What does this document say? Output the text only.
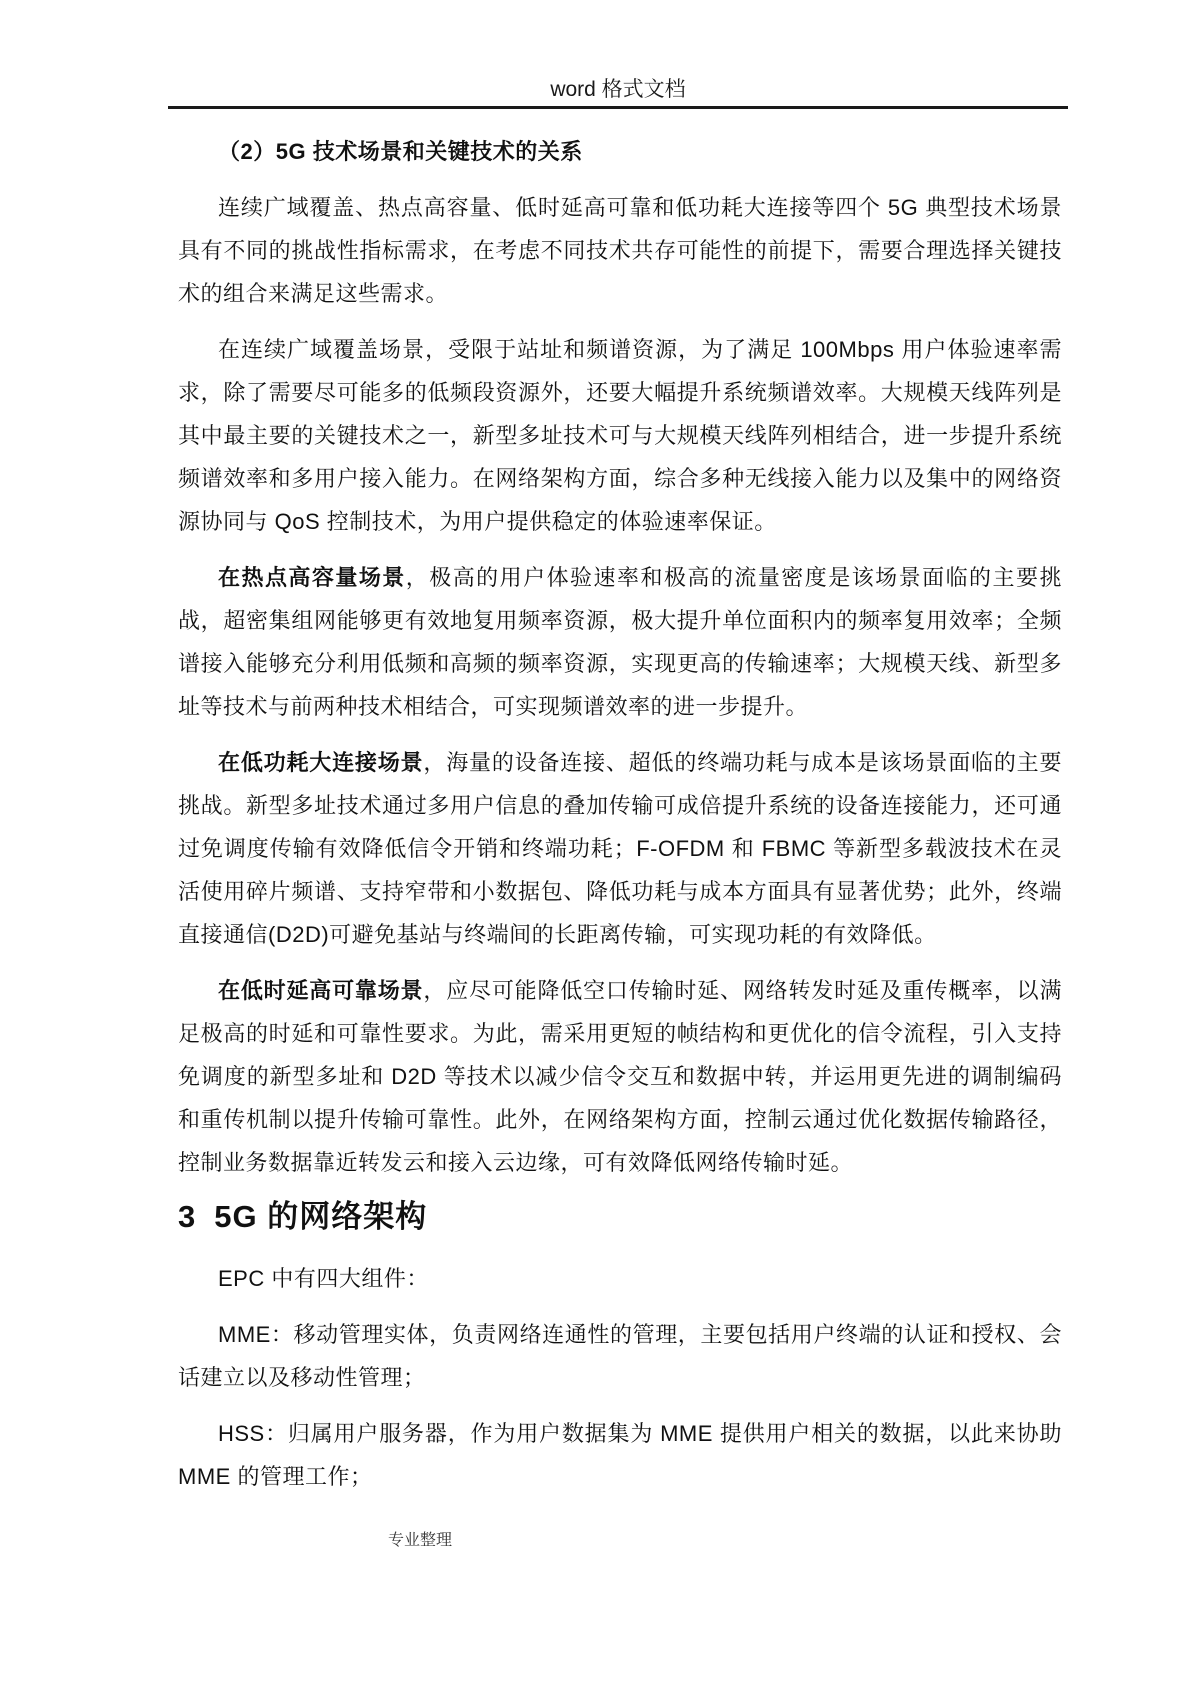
word 格式文档

（2）5G 技术场景和关键技术的关系

连续广域覆盖、热点高容量、低时延高可靠和低功耗大连接等四个 5G 典型技术场景具有不同的挑战性指标需求，在考虑不同技术共存可能性的前提下，需要合理选择关键技术的组合来满足这些需求。

在连续广域覆盖场景，受限于站址和频谱资源，为了满足 100Mbps 用户体验速率需求，除了需要尽可能多的低频段资源外，还要大幅提升系统频谱效率。大规模天线阵列是其中最主要的关键技术之一，新型多址技术可与大规模天线阵列相结合，进一步提升系统频谱效率和多用户接入能力。在网络架构方面，综合多种无线接入能力以及集中的网络资源协同与 QoS 控制技术，为用户提供稳定的体验速率保证。

在热点高容量场景，极高的用户体验速率和极高的流量密度是该场景面临的主要挑战，超密集组网能够更有效地复用频率资源，极大提升单位面积内的频率复用效率；全频谱接入能够充分利用低频和高频的频率资源，实现更高的传输速率；大规模天线、新型多址等技术与前两种技术相结合，可实现频谱效率的进一步提升。

在低功耗大连接场景，海量的设备连接、超低的终端功耗与成本是该场景面临的主要挑战。新型多址技术通过多用户信息的叠加传输可成倍提升系统的设备连接能力，还可通过免调度传输有效降低信令开销和终端功耗；F-OFDM 和 FBMC 等新型多载波技术在灵活使用碎片频谱、支持窄带和小数据包、降低功耗与成本方面具有显著优势；此外，终端直接通信(D2D)可避免基站与终端间的长距离传输，可实现功耗的有效降低。

在低时延高可靠场景，应尽可能降低空口传输时延、网络转发时延及重传概率，以满足极高的时延和可靠性要求。为此，需采用更短的帧结构和更优化的信令流程，引入支持免调度的新型多址和 D2D 等技术以减少信令交互和数据中转，并运用更先进的调制编码和重传机制以提升传输可靠性。此外，在网络架构方面，控制云通过优化数据传输路径，控制业务数据靠近转发云和接入云边缘，可有效降低网络传输时延。

3 5G 的网络架构

EPC 中有四大组件：

MME：移动管理实体，负责网络连通性的管理，主要包括用户终端的认证和授权、会话建立以及移动性管理；

HSS：归属用户服务器，作为用户数据集为 MME 提供用户相关的数据，以此来协助 MME 的管理工作；

专业整理
